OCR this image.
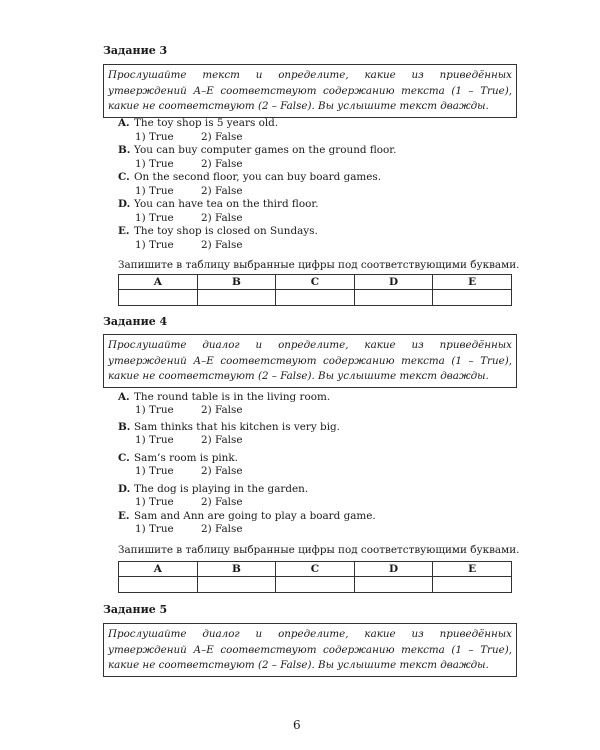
Задание 3
Прослушайте текст и определите, какие из приведённых утверждений А–Е соответствуют содержанию текста (1 – True), какие не соответствуют (2 – False). Вы услышите текст дважды.
A. The toy shop is 5 years old.
1) True	2) False
B. You can buy computer games on the ground floor.
1) True	2) False
C. On the second floor, you can buy board games.
1) True	2) False
D. You can have tea on the third floor.
1) True	2) False
E. The toy shop is closed on Sundays.
1) True	2) False
Запишите в таблицу выбранные цифры под соответствующими буквами.
A	B	C	D	E

Задание 4
Прослушайте диалог и определите, какие из приведённых утверждений А–Е соответствуют содержанию текста (1 – True), какие не соответствуют (2 – False). Вы услышите текст дважды.
A. The round table is in the living room.
1) True	2) False
B. Sam thinks that his kitchen is very big.
1) True	2) False
C. Sam’s room is pink.
1) True	2) False
D. The dog is playing in the garden.
1) True	2) False
E. Sam and Ann are going to play a board game.
1) True	2) False
Запишите в таблицу выбранные цифры под соответствующими буквами.
A	B	C	D	E

Задание 5
Прослушайте диалог и определите, какие из приведённых утверждений А–Е соответствуют содержанию текста (1 – True), какие не соответствуют (2 – False). Вы услышите текст дважды.
6
